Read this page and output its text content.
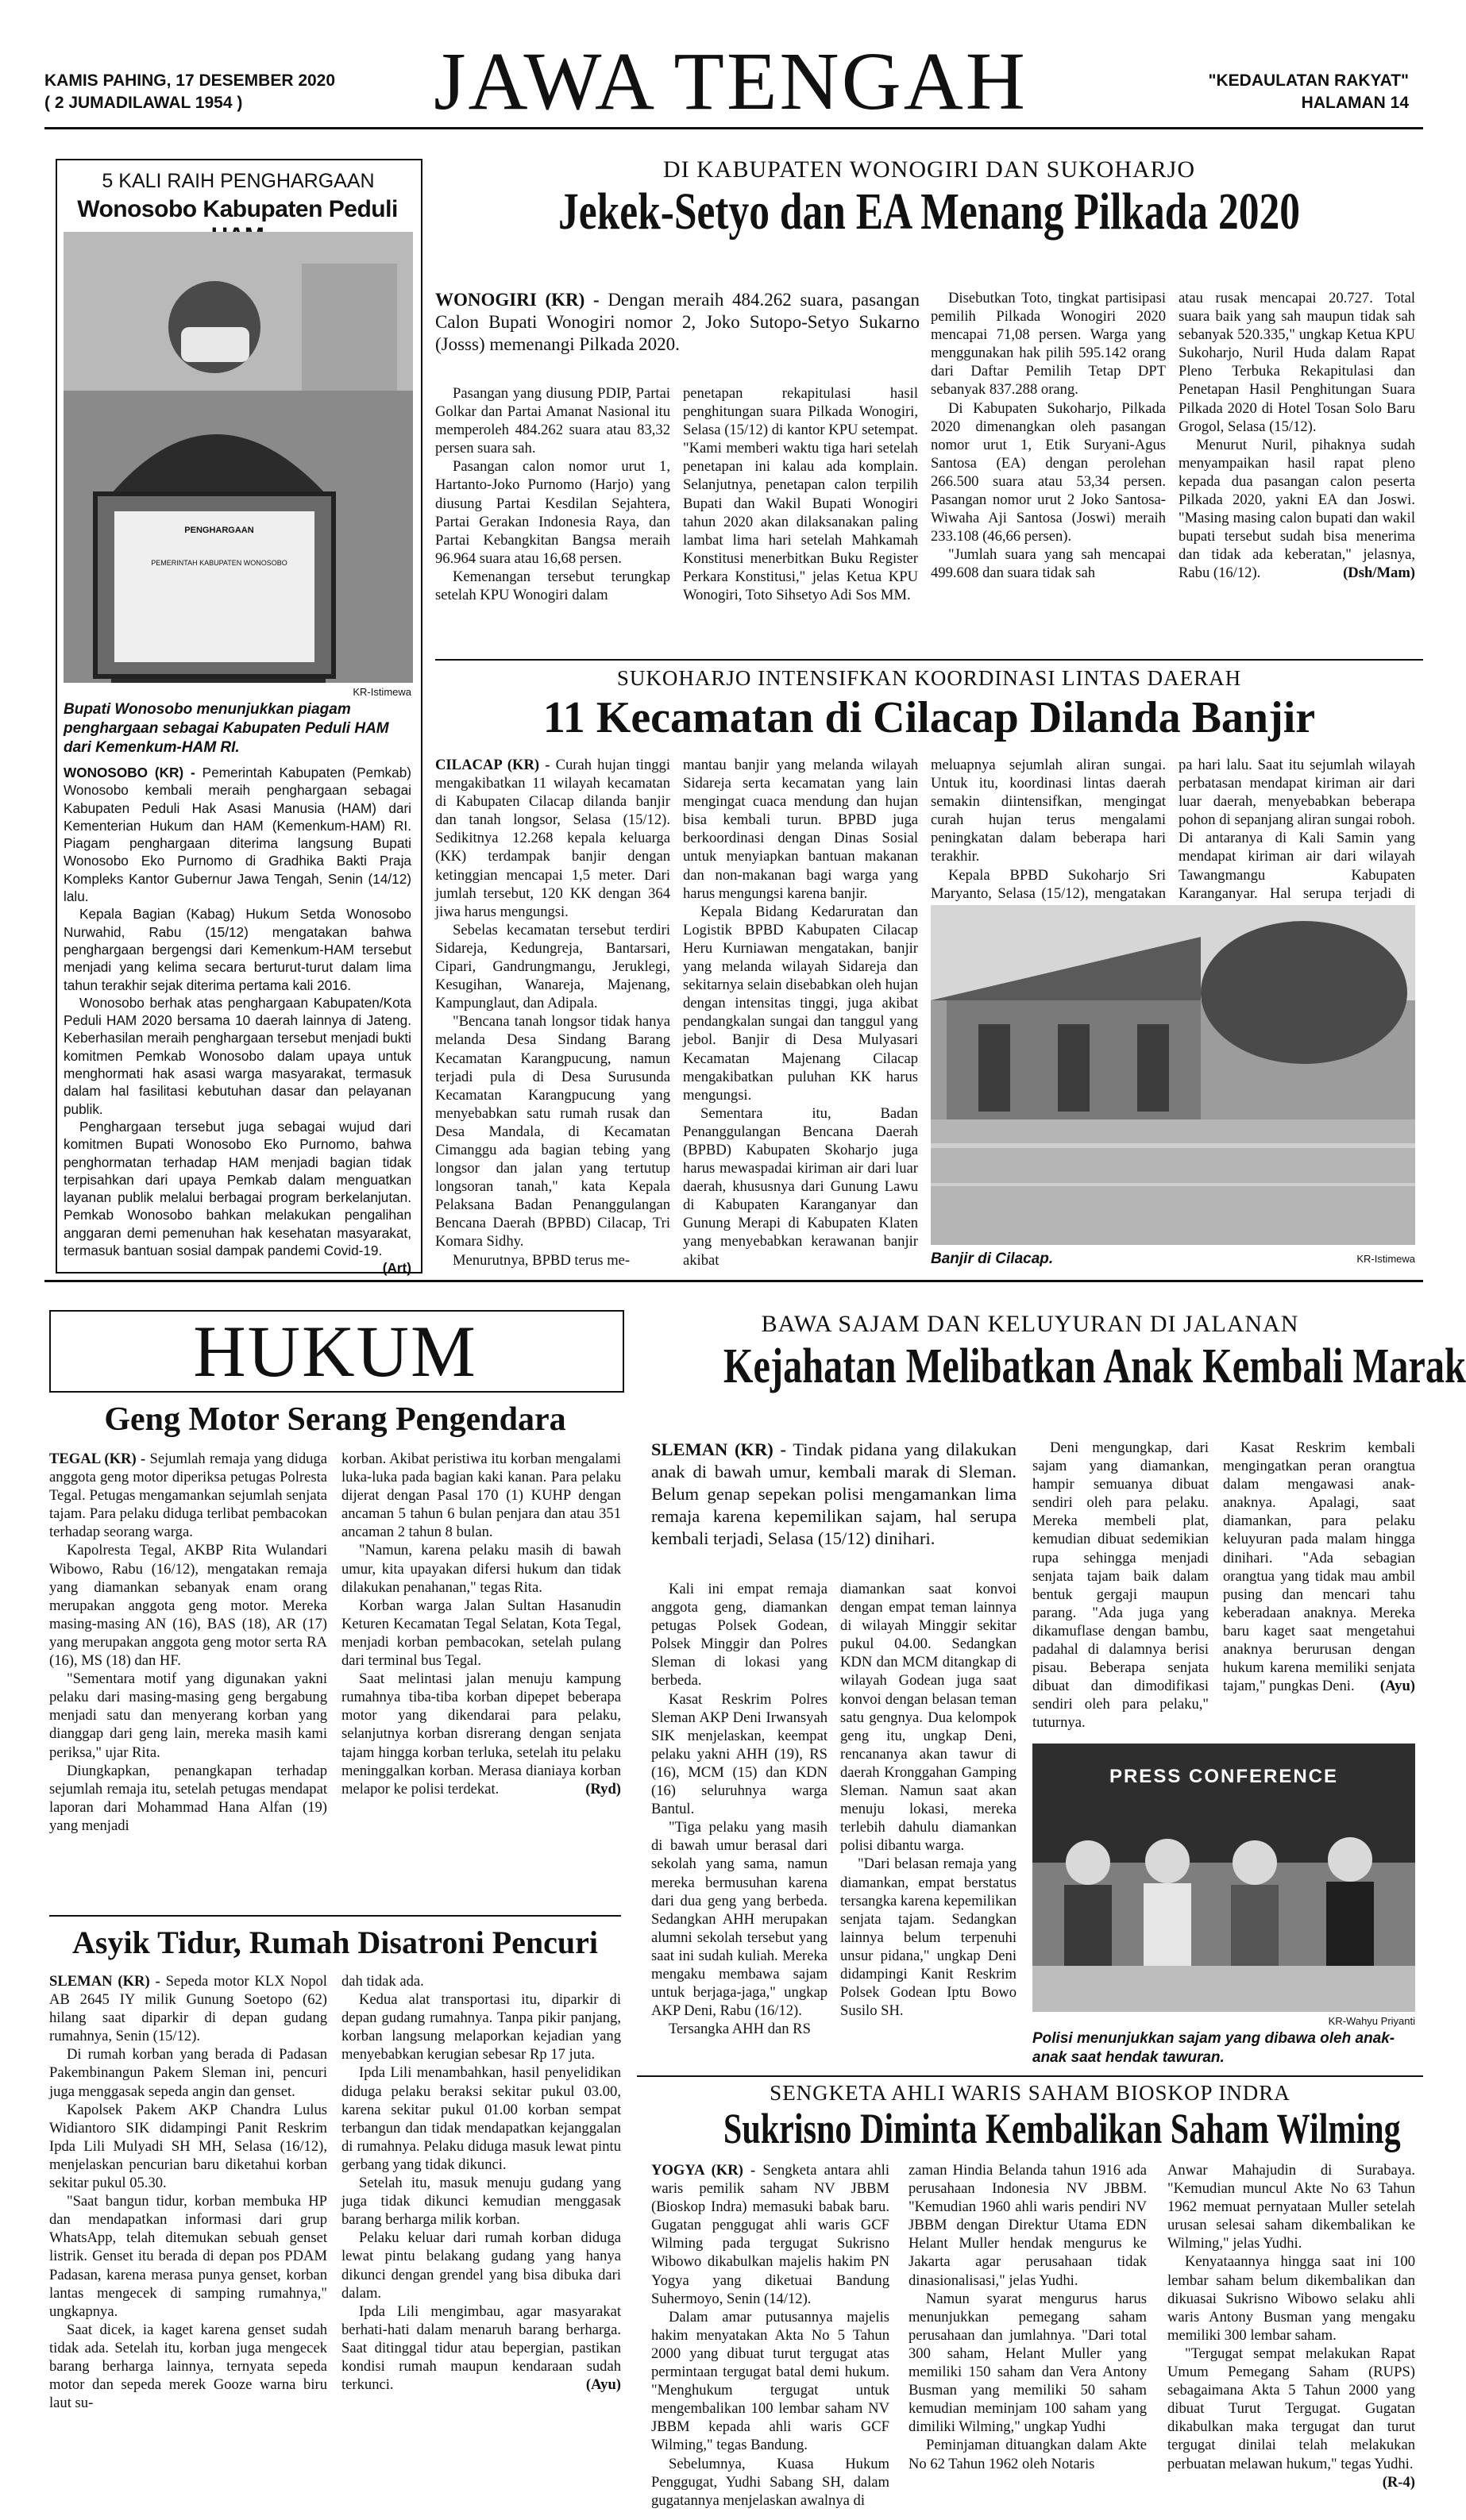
KAMIS PAHING, 17 DESEMBER 2020
( 2 JUMADILAWAL 1954 )	JAWA TENGAH	"KEDAULATAN RAKYAT"
HALAMAN 14
5 KALI RAIH PENGHARGAAN
Wonosobo Kabupaten Peduli
PENGHARGAAN
PEMERINTAH KABUPATEN WONOSOBO
KR-Istimewa
Bupati Wonosobo menunjukkan piagam penghargaan sebagai Kabupaten Peduli HAM dari Kemenkum-HAM RI.

WONOSOBO (KR) - Pemerintah Kabupaten (Pemkab) Wonosobo kembali meraih penghargaan sebagai Kabupaten Peduli Hak Asasi Manusia (HAM) dari Kementerian Hukum dan HAM (Kemenkum-HAM) RI. Piagam penghargaan diterima langsung Bupati Wonosobo Eko Purnomo di Gradhika Bakti Praja Kompleks Kantor Gubernur Jawa Tengah, Senin (14/12) lalu.

Kepala Bagian (Kabag) Hukum Setda Wonosobo Nurwahid, Rabu (15/12) mengatakan bahwa penghargaan bergengsi dari Kemenkum-HAM tersebut menjadi yang kelima secara berturut-turut dalam lima tahun terakhir sejak diterima pertama kali 2016.

Wonosobo berhak atas penghargaan Kabupaten/Kota Peduli HAM 2020 bersama 10 daerah lainnya di Jateng. Keberhasilan meraih penghargaan tersebut menjadi bukti komitmen Pemkab Wonosobo dalam upaya untuk menghormati hak asasi warga masyarakat, termasuk dalam hal fasilitasi kebutuhan dasar dan pelayanan publik.

Penghargaan tersebut juga sebagai wujud dari komitmen Bupati Wonosobo Eko Purnomo, bahwa penghormatan terhadap HAM menjadi bagian tidak terpisahkan dari upaya Pemkab dalam menguatkan layanan publik melalui berbagai program berkelanjutan. Pemkab Wonosobo bahkan melakukan pengalihan anggaran demi pemenuhan hak kesehatan masyarakat, termasuk bantuan sosial dampak pandemi Covid-19.
(Art)

DI KABUPATEN WONOGIRI DAN SUKOHARJO
Jekek-Setyo dan EA Menang Pilkada 2020
WONOGIRI (KR) - Dengan meraih 484.262 suara, pasangan Calon Bupati Wonogiri nomor 2, Joko Sutopo-Setyo Sukarno (Josss) memenangi Pilkada 2020.

Pasangan yang diusung PDIP, Partai Golkar dan Partai Amanat Nasional itu memperoleh 484.262 suara atau 83,32 persen suara sah.

Pasangan calon nomor urut 1, Hartanto-Joko Purnomo (Harjo) yang diusung Partai Kesdilan Sejahtera, Partai Gerakan Indonesia Raya, dan Partai Kebangkitan Bangsa meraih 96.964 suara atau 16,68 persen.

Kemenangan tersebut terungkap setelah KPU Wonogiri dalam

penetapan rekapitulasi hasil penghitungan suara Pilkada Wonogiri, Selasa (15/12) di kantor KPU setempat. "Kami memberi waktu tiga hari setelah penetapan ini kalau ada komplain. Selanjutnya, penetapan calon terpilih Bupati dan Wakil Bupati Wonogiri tahun 2020 akan dilaksanakan paling lambat lima hari setelah Mahkamah Konstitusi menerbitkan Buku Register Perkara Konstitusi," jelas Ketua KPU Wonogiri, Toto Sihsetyo Adi Sos MM.

Disebutkan Toto, tingkat partisipasi pemilih Pilkada Wonogiri 2020 mencapai 71,08 persen. Warga yang menggunakan hak pilih 595.142 orang dari Daftar Pemilih Tetap DPT sebanyak 837.288 orang.

Di Kabupaten Sukoharjo, Pilkada 2020 dimenangkan oleh pasangan nomor urut 1, Etik Suryani-Agus Santosa (EA) dengan perolehan 266.500 suara atau 53,34 persen. Pasangan nomor urut 2 Joko Santosa-Wiwaha Aji Santosa (Joswi) meraih 233.108 (46,66 persen).

"Jumlah suara yang sah mencapai 499.608 dan suara tidak sah

atau rusak mencapai 20.727. Total suara baik yang sah maupun tidak sah sebanyak 520.335," ungkap Ketua KPU Sukoharjo, Nuril Huda dalam Rapat Pleno Terbuka Rekapitulasi dan Penetapan Hasil Penghitungan Suara Pilkada 2020 di Hotel Tosan Solo Baru Grogol, Selasa (15/12).

Menurut Nuril, pihaknya sudah menyampaikan hasil rapat pleno kepada dua pasangan calon peserta Pilkada 2020, yakni EA dan Joswi. "Masing masing calon bupati dan wakil bupati tersebut sudah bisa menerima dan tidak ada keberatan," jelasnya, Rabu (16/12).	(Dsh/Mam)

SUKOHARJO INTENSIFKAN KOORDINASI LINTAS DAERAH
11 Kecamatan di Cilacap Dilanda Banjir

CILACAP (KR) - Curah hujan tinggi mengakibatkan 11 wilayah kecamatan di Kabupaten Cilacap dilanda banjir dan tanah longsor, Selasa (15/12). Sedikitnya 12.268 kepala keluarga (KK) terdampak banjir dengan ketinggian mencapai 1,5 meter. Dari jumlah tersebut, 120 KK dengan 364 jiwa harus mengungsi.

Sebelas kecamatan tersebut terdiri Sidareja, Kedungreja, Bantarsari, Cipari, Gandrungmangu, Jeruklegi, Kesugihan, Wanareja, Majenang, Kampunglaut, dan Adipala.

"Bencana tanah longsor tidak hanya melanda Desa Sindang Barang Kecamatan Karangpucung, namun terjadi pula di Desa Surusunda Kecamatan Karangpucung yang menyebabkan satu rumah rusak dan Desa Mandala, di Kecamatan Cimanggu ada bagian tebing yang longsor dan jalan yang tertutup longsoran tanah," kata Kepala Pelaksana Badan Penanggulangan Bencana Daerah (BPBD) Cilacap, Tri Komara Sidhy.

Menurutnya, BPBD terus me-

mantau banjir yang melanda wilayah Sidareja serta kecamatan yang lain mengingat cuaca mendung dan hujan bisa kembali turun. BPBD juga berkoordinasi dengan Dinas Sosial untuk menyiapkan bantuan makanan dan non-makanan bagi warga yang harus mengungsi karena banjir.

Kepala Bidang Kedaruratan dan Logistik BPBD Kabupaten Cilacap Heru Kurniawan mengatakan, banjir yang melanda wilayah Sidareja dan sekitarnya selain disebabkan oleh hujan dengan intensitas tinggi, juga akibat pendangkalan sungai dan tanggul yang jebol. Banjir di Desa Mulyasari Kecamatan Majenang Cilacap mengakibatkan puluhan KK harus mengungsi.

Sementara itu, Badan Penanggulangan Bencana Daerah (BPBD) Kabupaten Skoharjo juga harus mewaspadai kiriman air dari luar daerah, khususnya dari Gunung Lawu di Kabupaten Karanganyar dan Gunung Merapi di Kabupaten Klaten yang menyebabkan kerawanan banjir akibat

meluapnya sejumlah aliran sungai. Untuk itu, koordinasi lintas daerah semakin diintensifkan, mengingat curah hujan terus mengalami peningkatan dalam beberapa hari terakhir.

Kepala BPBD Sukoharjo Sri Maryanto, Selasa (15/12), mengatakan

pa hari lalu. Saat itu sejumlah wilayah perbatasan mendapat kiriman air dari luar daerah, menyebabkan beberapa pohon di sepanjang aliran sungai roboh. Di antaranya di Kali Samin yang mendapat kiriman air dari wilayah Tawangmangu Kabupaten Karanganyar. Hal serupa terjadi di

Banjir di Cilacap.	KR-Istimewa
HUKUM
Geng Motor Serang Pengendara

TEGAL (KR) - Sejumlah remaja yang diduga anggota geng motor diperiksa petugas Polresta Tegal. Petugas mengamankan sejumlah senjata tajam. Para pelaku diduga terlibat pembacokan terhadap seorang warga.

Kapolresta Tegal, AKBP Rita Wulandari Wibowo, Rabu (16/12), mengatakan remaja yang diamankan sebanyak enam orang merupakan anggota geng motor. Mereka masing-masing AN (16), BAS (18), AR (17) yang merupakan anggota geng motor serta RA (16), MS (18) dan HF.

"Sementara motif yang digunakan yakni pelaku dari masing-masing geng bergabung menjadi satu dan menyerang korban yang dianggap dari geng lain, mereka masih kami periksa," ujar Rita.

Diungkapkan, penangkapan terhadap sejumlah remaja itu, setelah petugas mendapat laporan dari Mohammad Hana Alfan (19) yang menjadi

korban. Akibat peristiwa itu korban mengalami luka-luka pada bagian kaki kanan. Para pelaku dijerat dengan Pasal 170 (1) KUHP dengan ancaman 5 tahun 6 bulan penjara dan atau 351 ancaman 2 tahun 8 bulan.

"Namun, karena pelaku masih di bawah umur, kita upayakan difersi hukum dan tidak dilakukan penahanan," tegas Rita.

Korban warga Jalan Sultan Hasanudin Keturen Kecamatan Tegal Selatan, Kota Tegal, menjadi korban pembacokan, setelah pulang dari terminal bus Tegal.

Saat melintasi jalan menuju kampung rumahnya tiba-tiba korban dipepet beberapa motor yang dikendarai para pelaku, selanjutnya korban disrerang dengan senjata tajam hingga korban terluka, setelah itu pelaku meninggalkan korban. Merasa dianiaya korban melapor ke polisi terdekat.	(Ryd)

Asyik Tidur, Rumah Disatroni Pencuri

SLEMAN (KR) - Sepeda motor KLX Nopol AB 2645 IY milik Gunung Soetopo (62) hilang saat diparkir di depan gudang rumahnya, Senin (15/12).

Di rumah korban yang berada di Padasan Pakembinangun Pakem Sleman ini, pencuri juga menggasak sepeda angin dan genset.

Kapolsek Pakem AKP Chandra Lulus Widiantoro SIK didampingi Panit Reskrim Ipda Lili Mulyadi SH MH, Selasa (16/12), menjelaskan pencurian baru diketahui korban sekitar pukul 05.30.

"Saat bangun tidur, korban membuka HP dan mendapatkan informasi dari grup WhatsApp, telah ditemukan sebuah genset listrik. Genset itu berada di depan pos PDAM Padasan, karena merasa punya genset, korban lantas mengecek di samping rumahnya," ungkapnya.

Saat dicek, ia kaget karena genset sudah tidak ada. Setelah itu, korban juga mengecek barang berharga lainnya, ternyata sepeda motor dan sepeda merek Gooze warna biru laut su-

dah tidak ada.

Kedua alat transportasi itu, diparkir di depan gudang rumahnya. Tanpa pikir panjang, korban langsung melaporkan kejadian yang menyebabkan kerugian sebesar Rp 17 juta.

Ipda Lili menambahkan, hasil penyelidikan diduga pelaku beraksi sekitar pukul 03.00, karena sekitar pukul 01.00 korban sempat terbangun dan tidak mendapatkan kejanggalan di rumahnya. Pelaku diduga masuk lewat pintu gerbang yang tidak dikunci.

Setelah itu, masuk menuju gudang yang juga tidak dikunci kemudian menggasak barang berharga milik korban.

Pelaku keluar dari rumah korban diduga lewat pintu belakang gudang yang hanya dikunci dengan grendel yang bisa dibuka dari dalam.

Ipda Lili mengimbau, agar masyarakat berhati-hati dalam menaruh barang berharga. Saat ditinggal tidur atau bepergian, pastikan kondisi rumah maupun kendaraan sudah terkunci.	(Ayu)

BAWA SAJAM DAN KELUYURAN DI JALANAN
Kejahatan Melibatkan Anak Kembali Marak
SLEMAN (KR) - Tindak pidana yang dilakukan anak di bawah umur, kembali marak di Sleman. Belum genap sepekan polisi mengamankan lima remaja karena kepemilikan sajam, hal serupa kembali terjadi, Selasa (15/12) dinihari.

Kali ini empat remaja anggota geng, diamankan petugas Polsek Godean, Polsek Minggir dan Polres Sleman di lokasi yang berbeda.

Kasat Reskrim Polres Sleman AKP Deni Irwansyah SIK menjelaskan, keempat pelaku yakni AHH (19), RS (16), MCM (15) dan KDN (16) seluruhnya warga Bantul.

"Tiga pelaku yang masih di bawah umur berasal dari sekolah yang sama, namun mereka bermusuhan karena dari dua geng yang berbeda. Sedangkan AHH merupakan alumni sekolah tersebut yang saat ini sudah kuliah. Mereka mengaku membawa sajam untuk berjaga-jaga," ungkap AKP Deni, Rabu (16/12).

Tersangka AHH dan RS

diamankan saat konvoi dengan empat teman lainnya di wilayah Minggir sekitar pukul 04.00. Sedangkan KDN dan MCM ditangkap di wilayah Godean juga saat konvoi dengan belasan teman satu gengnya. Dua kelompok geng itu, ungkap Deni, rencananya akan tawur di daerah Kronggahan Gamping Sleman. Namun saat akan menuju lokasi, mereka terlebih dahulu diamankan polisi dibantu warga.

"Dari belasan remaja yang diamankan, empat berstatus tersangka karena kepemilikan senjata tajam. Sedangkan lainnya belum terpenuhi unsur pidana," ungkap Deni didampingi Kanit Reskrim Polsek Godean Iptu Bowo Susilo SH.

Deni mengungkap, dari sajam yang diamankan, hampir semuanya dibuat sendiri oleh para pelaku. Mereka membeli plat, kemudian dibuat sedemikian rupa sehingga menjadi senjata tajam baik dalam bentuk gergaji maupun parang. "Ada juga yang dikamuflase dengan bambu, padahal di dalamnya berisi pisau. Beberapa senjata dibuat dan dimodifikasi sendiri oleh para pelaku," tuturnya.

Kasat Reskrim kembali mengingatkan peran orangtua dalam mengawasi anak-anaknya. Apalagi, saat diamankan, para pelaku keluyuran pada malam hingga dinihari. "Ada sebagian orangtua yang tidak mau ambil pusing dan mencari tahu keberadaan anaknya. Mereka baru kaget saat mengetahui anaknya berurusan dengan hukum karena memiliki senjata tajam," pungkas Deni.	(Ayu)

PRESS CONFERENCE
KR-Wahyu Priyanti
Polisi menunjukkan sajam yang dibawa oleh anak-anak saat hendak tawuran.
SENGKETA AHLI WARIS SAHAM BIOSKOP INDRA
Sukrisno Diminta Kembalikan Saham Wilming

YOGYA (KR) - Sengketa antara ahli waris pemilik saham NV JBBM (Bioskop Indra) memasuki babak baru. Gugatan penggugat ahli waris GCF Wilming pada tergugat Sukrisno Wibowo dikabulkan majelis hakim PN Yogya yang diketuai Bandung Suhermoyo, Senin (14/12).

Dalam amar putusannya majelis hakim menyatakan Akta No 5 Tahun 2000 yang dibuat turut tergugat atas permintaan tergugat batal demi hukum. "Menghukum tergugat untuk mengembalikan 100 lembar saham NV JBBM kepada ahli waris GCF Wilming," tegas Bandung.

Sebelumnya, Kuasa Hukum Penggugat, Yudhi Sabang SH, dalam gugatannya menjelaskan awalnya di

zaman Hindia Belanda tahun 1916 ada perusahaan Indonesia NV JBBM. "Kemudian 1960 ahli waris pendiri NV JBBM dengan Direktur Utama EDN Helant Muller hendak mengurus ke Jakarta agar perusahaan tidak dinasionalisasi," jelas Yudhi.

Namun syarat mengurus harus menunjukkan pemegang saham perusahaan dan jumlahnya. "Dari total 300 saham, Helant Muller yang memiliki 150 saham dan Vera Antony Busman yang memiliki 50 saham kemudian meminjam 100 saham yang dimiliki Wilming," ungkap Yudhi

Peminjaman dituangkan dalam Akte No 62 Tahun 1962 oleh Notaris

Anwar Mahajudin di Surabaya. "Kemudian muncul Akte No 63 Tahun 1962 memuat pernyataan Muller setelah urusan selesai saham dikembalikan ke Wilming," jelas Yudhi.

Kenyataannya hingga saat ini 100 lembar saham belum dikembalikan dan dikuasai Sukrisno Wibowo selaku ahli waris Antony Busman yang mengaku memiliki 300 lembar saham.

"Tergugat sempat melakukan Rapat Umum Pemegang Saham (RUPS) sebagaimana Akta 5 Tahun 2000 yang dibuat Turut Tergugat. Gugatan dikabulkan maka tergugat dan turut tergugat dinilai telah melakukan perbuatan melawan hukum," tegas Yudhi.
(R-4)
